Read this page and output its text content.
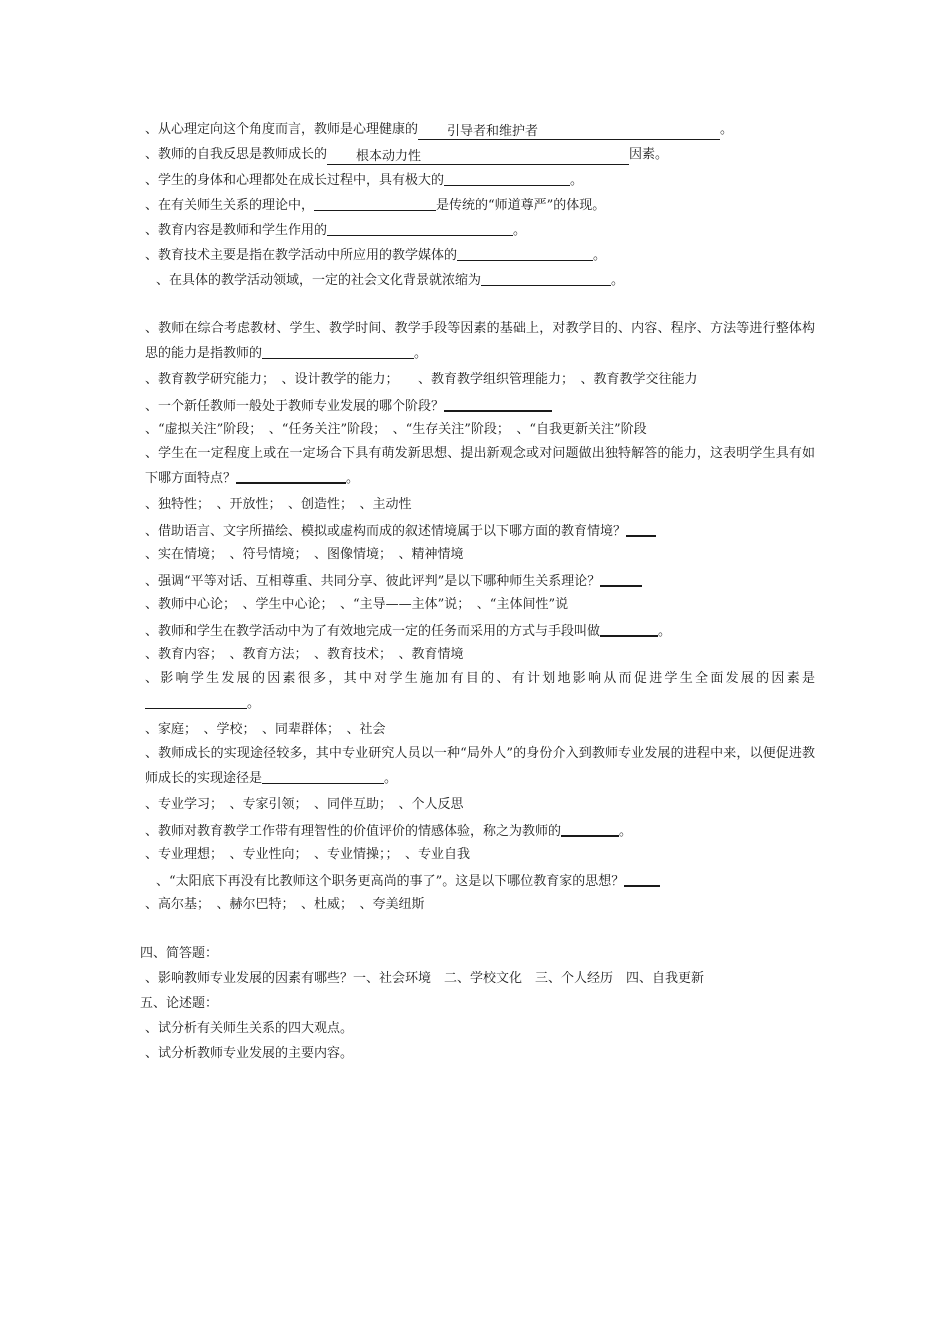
、从心理定向这个角度而言，教师是心理健康的 引导者和维护者	。
、教师的自我反思是教师成长的 根本动力性	因素。
、学生的身体和心理都处在成长过程中，具有极大的	。
、在有关师生关系的理论中，	是传统的“师道尊严”的体现。
、教育内容是教师和学生作用的	。
、教育技术主要是指在教学活动中所应用的教学媒体的	。
、在具体的教学活动领域，一定的社会文化背景就浓缩为	。
、教师在综合考虑教材、学生、教学时间、教学手段等因素的基础上，对教学目的、内容、程序、方法等进行整体构思的能力是指教师的	。
、教育教学研究能力；　、设计教学的能力；　　、教育教学组织管理能力；　、教育教学交往能力
、一个新任教师一般处于教师专业发展的哪个阶段？
、“虚拟关注”阶段；　、“任务关注”阶段；　、“生存关注”阶段；　、“自我更新关注”阶段
、学生在一定程度上或在一定场合下具有萌发新思想、提出新观念或对问题做出独特解答的能力，这表明学生具有如下哪方面特点？	。
、独特性；　、开放性；　、创造性；　、主动性
、借助语言、文字所描绘、模拟或虚构而成的叙述情境属于以下哪方面的教育情境？
、实在情境；　、符号情境；　、图像情境；　、精神情境
、强调“平等对话、互相尊重、共同分享、彼此评判”是以下哪种师生关系理论？
、教师中心论；　、学生中心论；　、“主导——主体”说；　、“主体间性”说
、教师和学生在教学活动中为了有效地完成一定的任务而采用的方式与手段叫做	。
、教育内容；　、教育方法；　、教育技术；　、教育情境
、影响学生发展的因素很多，其中对学生施加有目的、有计划地影响从而促进学生全面发展的因素是。
、家庭；　、学校；　、同辈群体；　、社会
、教师成长的实现途径较多，其中专业研究人员以一种“局外人”的身份介入到教师专业发展的进程中来，以便促进教师成长的实现途径是	。
、专业学习；　、专家引领；　、同伴互助；　、个人反思
、教师对教育教学工作带有理智性的价值评价的情感体验，称之为教师的	。
、专业理想；　、专业性向；　、专业情操；；　、专业自我
、“太阳底下再没有比教师这个职务更高尚的事了”。这是以下哪位教育家的思想？
、高尔基；　、赫尔巴特；　、杜威；　、夸美纽斯
四、简答题：
、影响教师专业发展的因素有哪些？一、社会环境　二、学校文化　三、个人经历　四、自我更新
五、论述题：
、试分析有关师生关系的四大观点。
、试分析教师专业发展的主要内容。
